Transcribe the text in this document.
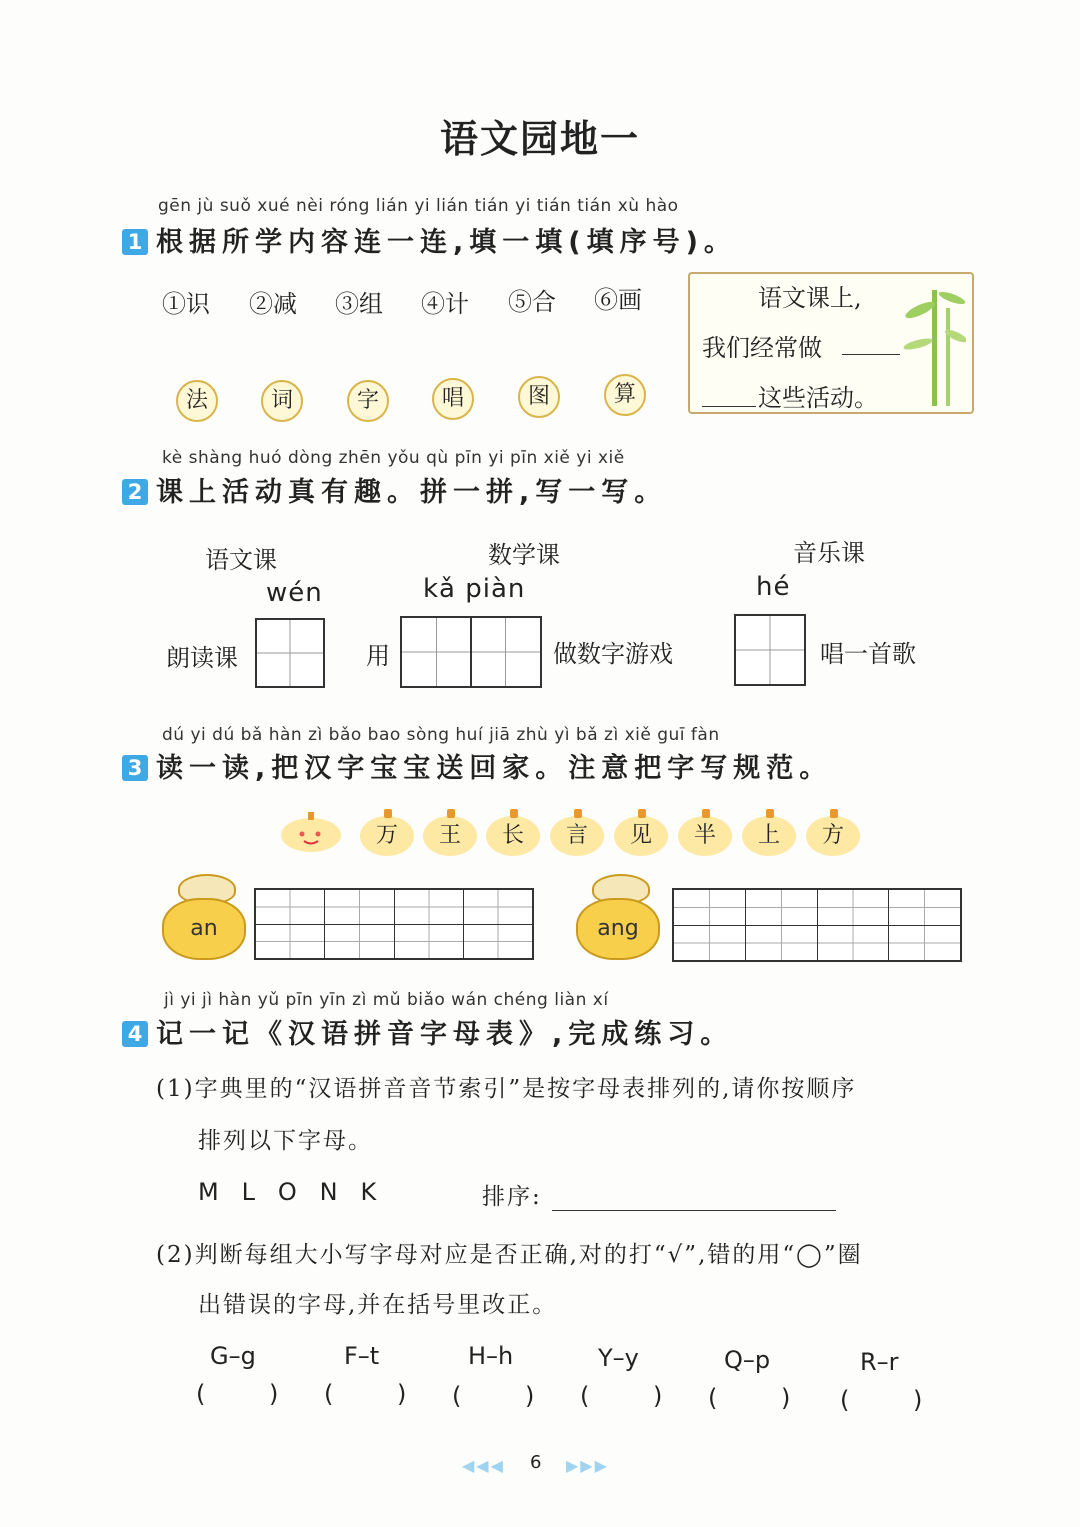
语文园地一
gēn jù suǒ xué nèi róng lián yi lián tián yi tián tián xù hào
1 根据所学内容连一连,填一填(填序号)。
①识 ②减 ③组 ④计 ⑤合 ⑥画
法	词	字	唱	图	算
语文课上,
我们经常做
这些活动。
kè shàng huó dòng zhēn yǒu qù pīn yi pīn xiě yi xiě
2 课上活动真有趣。拼一拼,写一写。
语文课	数学课	音乐课
wén	kǎ piàn	hé
朗读课	用	做数字游戏	唱一首歌
dú yi dú bǎ hàn zì bǎo bao sòng huí jiā zhù yì bǎ zì xiě guī fàn
3 读一读,把汉字宝宝送回家。注意把字写规范。
万	王	长	言	见	半	上	方
an	ang
jì yi jì hàn yǔ pīn yīn zì mǔ biǎo wán chéng liàn xí
4 记一记《汉语拼音字母表》,完成练习。
(1)字典里的“汉语拼音音节索引”是按字母表排列的,请你按顺序
排列以下字母。
M   L   O   N   K	排序:
(2)判断每组大小写字母对应是否正确,对的打“√”,错的用“◯”圈
出错误的字母,并在括号里改正。
G–g	F–t	H–h	Y–y	Q–p	R–r
( ) ( ) ( ) ( ) ( ) ( )
◀◀◀ 6 ▶▶▶
